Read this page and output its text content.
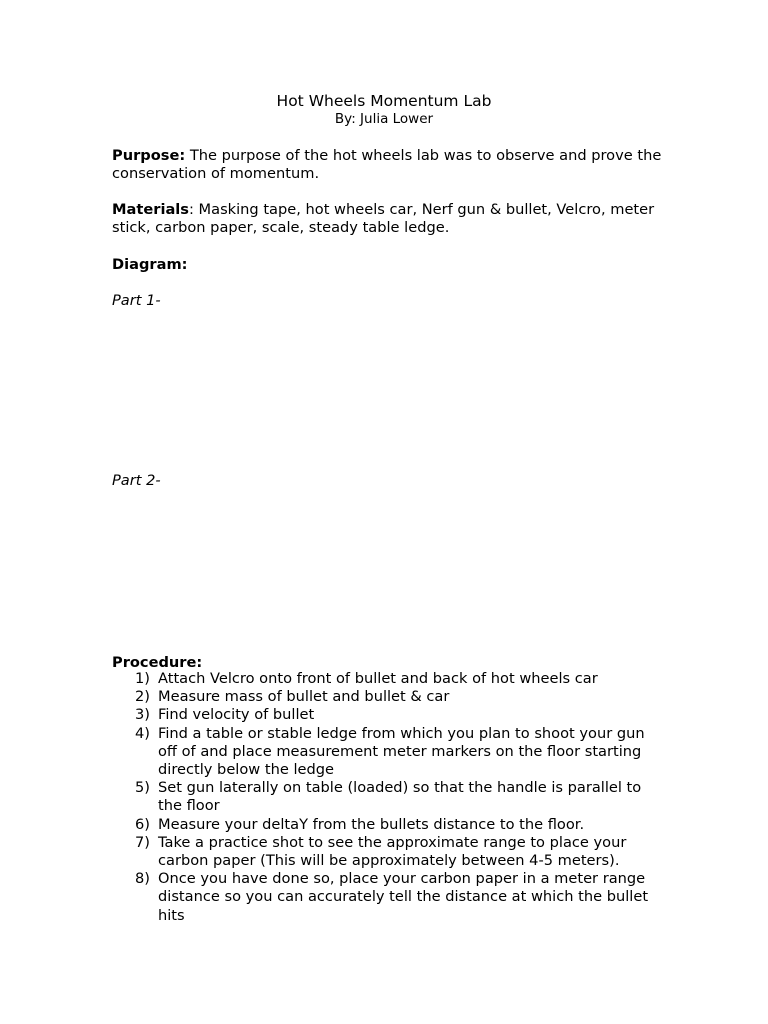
Hot Wheels Momentum Lab
By: Julia Lower
Purpose: The purpose of the hot wheels lab was to observe and prove the conservation of momentum.
Materials: Masking tape, hot wheels car, Nerf gun & bullet, Velcro, meter stick, carbon paper, scale, steady table ledge.
Diagram:
Part 1-
Part 2-
Procedure:
1) Attach Velcro onto front of bullet and back of hot wheels car
2) Measure mass of bullet and bullet & car
3) Find velocity of bullet
4) Find a table or stable ledge from which you plan to shoot your gun off of and place measurement meter markers on the floor starting directly below the ledge
5) Set gun laterally on table (loaded) so that the handle is parallel to the floor
6) Measure your deltaY from the bullets distance to the floor.
7) Take a practice shot to see the approximate range to place your carbon paper (This will be approximately between 4-5 meters).
8) Once you have done so, place your carbon paper in a meter range distance so you can accurately tell the distance at which the bullet hits
